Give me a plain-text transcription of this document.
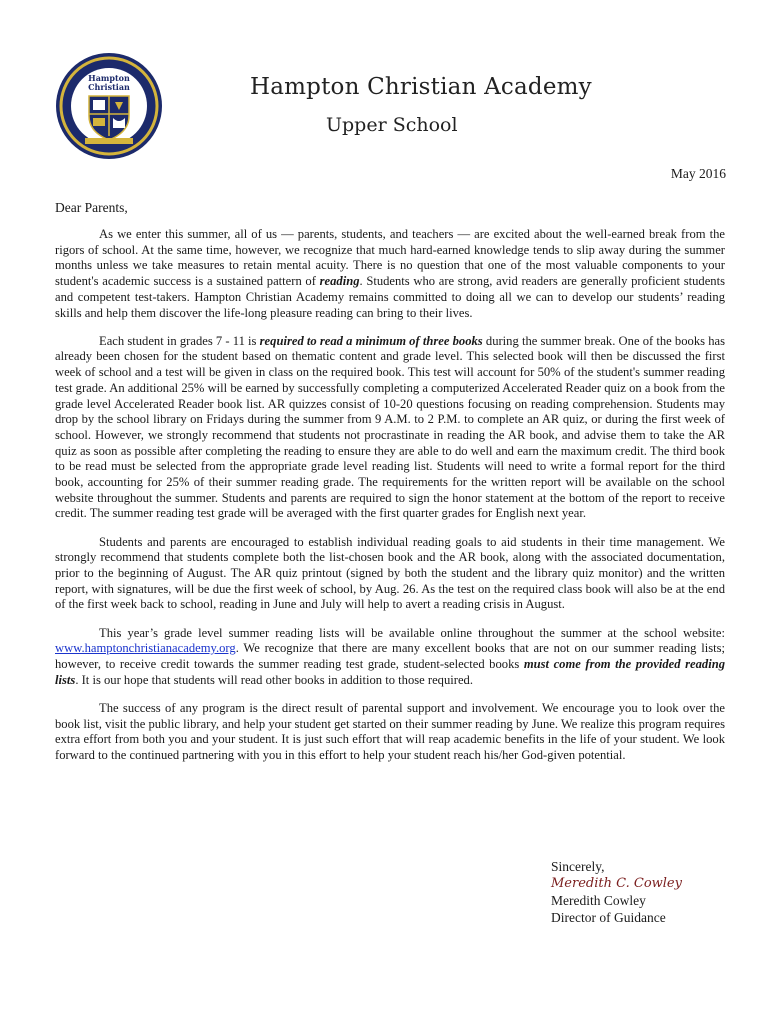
Hampton
Christian	Hampton Christian Academy
Upper School
May 2016
Dear Parents,

As we enter this summer, all of us — parents, students, and teachers — are excited about the well-earned break from the rigors of school. At the same time, however, we recognize that much hard-earned knowledge tends to slip away during the summer months unless we take measures to retain mental acuity. There is no question that one of the most valuable components to your student's academic success is a sustained pattern of reading. Students who are strong, avid readers are generally proficient students and competent test-takers. Hampton Christian Academy remains committed to doing all we can to develop our students’ reading skills and help them discover the life-long pleasure reading can bring to their lives.

Each student in grades 7 - 11 is required to read a minimum of three books during the summer break. One of the books has already been chosen for the student based on thematic content and grade level. This selected book will then be discussed the first week of school and a test will be given in class on the required book. This test will account for 50% of the student's summer reading test grade. An additional 25% will be earned by successfully completing a computerized Accelerated Reader quiz on a book from the grade level Accelerated Reader book list. AR quizzes consist of 10-20 questions focusing on reading comprehension. Students may drop by the school library on Fridays during the summer from 9 A.M. to 2 P.M. to complete an AR quiz, or during the first week of school. However, we strongly recommend that students not procrastinate in reading the AR book, and advise them to take the AR quiz as soon as possible after completing the reading to ensure they are able to do well and earn the maximum credit. The third book to be read must be selected from the appropriate grade level reading list. Students will need to write a formal report for the third book, accounting for 25% of their summer reading grade. The requirements for the written report will be available on the school website throughout the summer. Students and parents are required to sign the honor statement at the bottom of the report to receive credit. The summer reading test grade will be averaged with the first quarter grades for English next year.

Students and parents are encouraged to establish individual reading goals to aid students in their time management. We strongly recommend that students complete both the list-chosen book and the AR book, along with the associated documentation, prior to the beginning of August. The AR quiz printout (signed by both the student and the library quiz monitor) and the written report, with signatures, will be due the first week of school, by Aug. 26. As the test on the required class book will also be at the end of the first week back to school, reading in June and July will help to avert a reading crisis in August.

This year’s grade level summer reading lists will be available online throughout the summer at the school website: www.hamptonchristianacademy.org. We recognize that there are many excellent books that are not on our summer reading lists; however, to receive credit towards the summer reading test grade, student-selected books must come from the provided reading lists. It is our hope that students will read other books in addition to those required.

The success of any program is the direct result of parental support and involvement. We encourage you to look over the book list, visit the public library, and help your student get started on their summer reading by June. We realize this program requires extra effort from both you and your student. It is just such effort that will reap academic benefits in the life of your student. We look forward to the continued partnering with you in this effort to help your student reach his/her God-given potential.

Sincerely,
Meredith C. Cowley
Meredith Cowley
Director of Guidance
